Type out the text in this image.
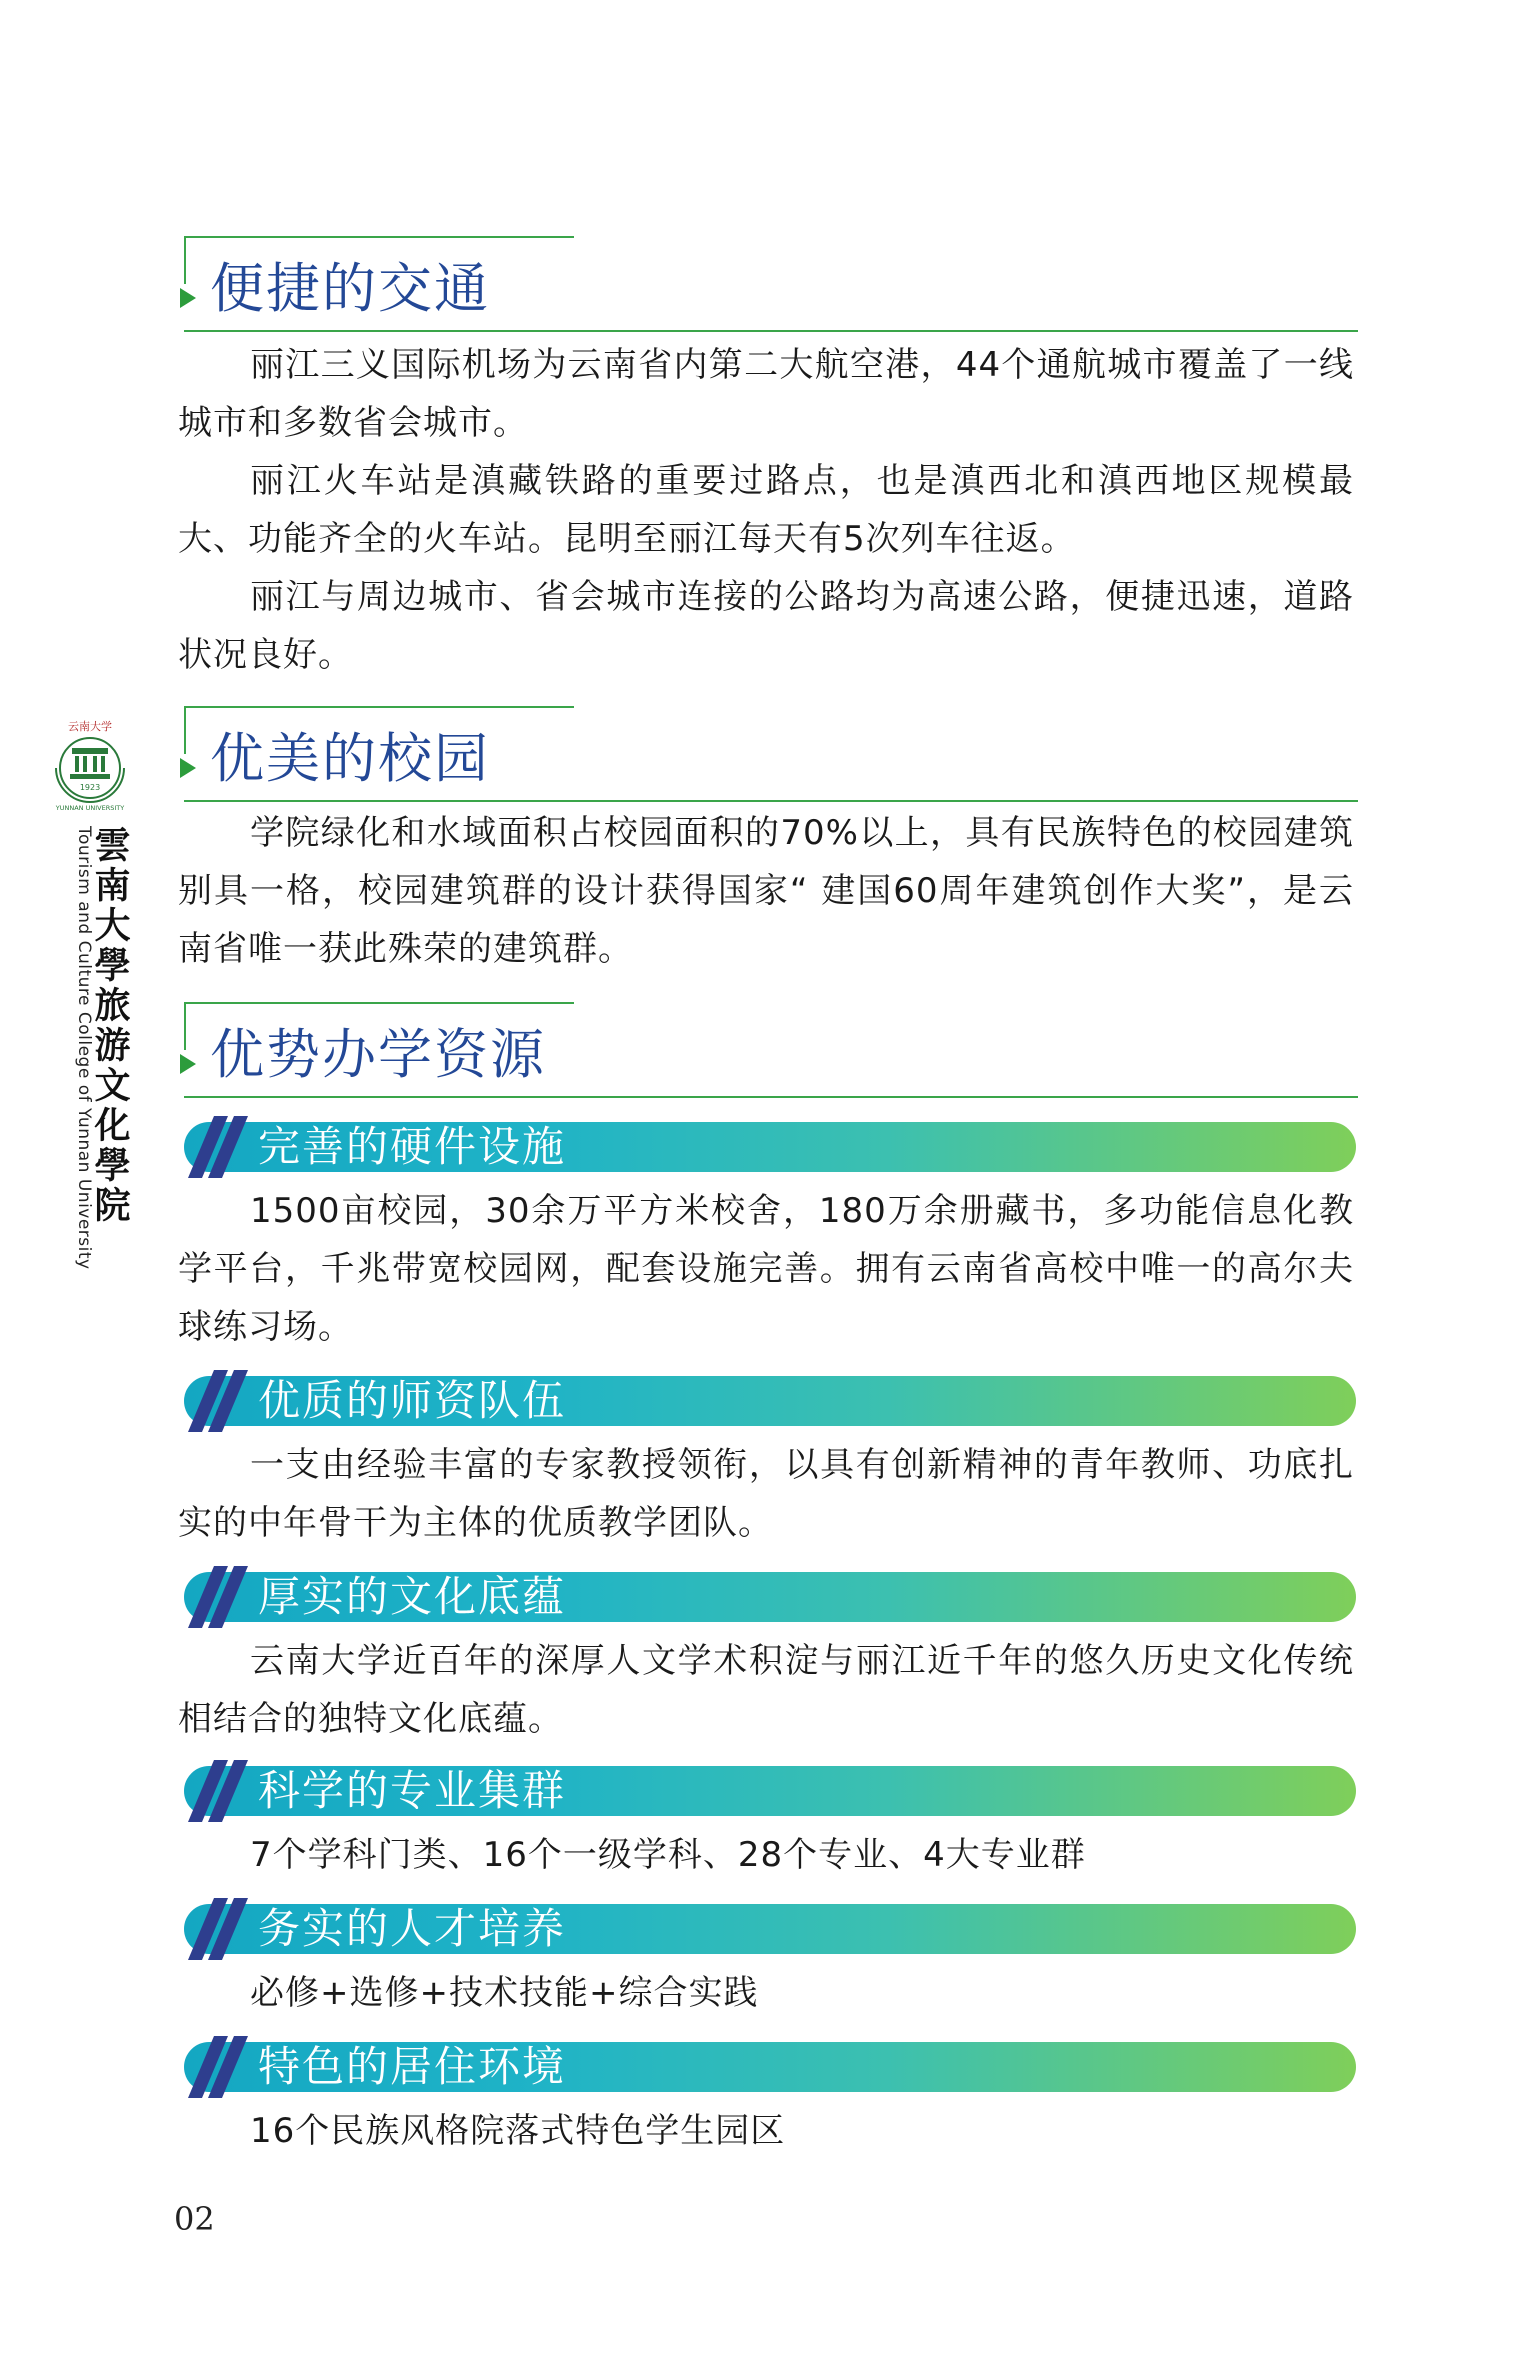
云南大学
1923
YUNNAN UNIVERSITY
Tourism and Culture College of Yunnan University
雲南大學旅游文化學院
便捷的交通
丽江三义国际机场为云南省内第二大航空港，44个通航城市覆盖了一线城市和多数省会城市。
丽江火车站是滇藏铁路的重要过路点，也是滇西北和滇西地区规模最大、功能齐全的火车站。昆明至丽江每天有5次列车往返。
丽江与周边城市、省会城市连接的公路均为高速公路，便捷迅速，道路状况良好。
优美的校园
学院绿化和水域面积占校园面积的70%以上，具有民族特色的校园建筑别具一格，校园建筑群的设计获得国家“ 建国60周年建筑创作大奖”，是云南省唯一获此殊荣的建筑群。
优势办学资源
完善的硬件设施
1500亩校园，30余万平方米校舍，180万余册藏书，多功能信息化教学平台，千兆带宽校园网，配套设施完善。拥有云南省高校中唯一的高尔夫球练习场。
优质的师资队伍
一支由经验丰富的专家教授领衔，以具有创新精神的青年教师、功底扎实的中年骨干为主体的优质教学团队。
厚实的文化底蕴
云南大学近百年的深厚人文学术积淀与丽江近千年的悠久历史文化传统相结合的独特文化底蕴。
科学的专业集群
7个学科门类、16个一级学科、28个专业、4大专业群
务实的人才培养
必修+选修+技术技能+综合实践
特色的居住环境
16个民族风格院落式特色学生园区
02
